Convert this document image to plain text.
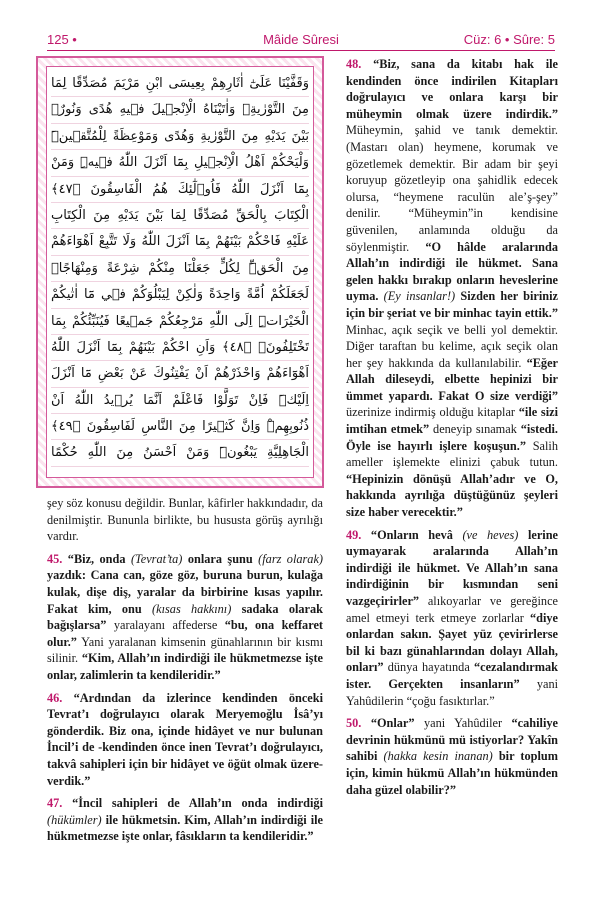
125 •	Mâide Sûresi	Cüz: 6 • Sûre: 5
وَقَفَّيْنَا عَلَىٰٓ اٰثَارِهِمْ بِعِيسَى ابْنِ مَرْيَمَ مُصَدِّقًا لِمَا
مِنَ التَّوْرٰيةِۖ وَاٰتَيْنَاهُ الْاِنْجٖيلَ فٖيهِ هُدًى وَنُورٌۙ
بَيْنَ يَدَيْهِ مِنَ التَّوْرٰيةِ وَهُدًى وَمَوْعِظَةً لِلْمُتَّقٖينَۜ
وَلْيَحْكُمْ اَهْلُ الْاِنْجٖيلِ بِمَٓا اَنْزَلَ اللّٰهُ فٖيهِۜ وَمَنْ
بِمَٓا اَنْزَلَ اللّٰهُ فَاُو۬لٰٓئِكَ هُمُ الْفَاسِقُونَ ﴿٤٧﴾
الْكِتَابَ بِالْحَقِّ مُصَدِّقًا لِمَا بَيْنَ يَدَيْهِ مِنَ الْكِتَابِ
عَلَيْهِ فَاحْكُمْ بَيْنَهُمْ بِمَٓا اَنْزَلَ اللّٰهُ وَلَا تَتَّبِعْ اَهْوَٓاءَهُمْ
مِنَ الْحَقِّۜ لِكُلٍّ جَعَلْنَا مِنْكُمْ شِرْعَةً وَمِنْهَاجًاۜ
لَجَعَلَكُمْ اُمَّةً وَاحِدَةً وَلٰكِنْ لِيَبْلُوَكُمْ فٖي مَٓا اٰتٰيكُمْ
الْخَيْرَاتِۜ اِلَى اللّٰهِ مَرْجِعُكُمْ جَمٖيعًا فَيُنَبِّئُكُمْ بِمَا
تَخْتَلِفُونَۙ ﴿٤٨﴾ وَاَنِ احْكُمْ بَيْنَهُمْ بِمَٓا اَنْزَلَ اللّٰهُ
اَهْوَٓاءَهُمْ وَاحْذَرْهُمْ اَنْ يَفْتِنُوكَ عَنْ بَعْضِ مَٓا اَنْزَلَ
اِلَيْكَۜ فَاِنْ تَوَلَّوْا فَاعْلَمْ اَنَّمَا يُرٖيدُ اللّٰهُ اَنْ
ذُنُوبِهِمْۜ وَاِنَّ كَثٖيرًا مِنَ النَّاسِ لَفَاسِقُونَ ﴿٤٩﴾
الْجَاهِلِيَّةِ يَبْغُونَۜ وَمَنْ اَحْسَنُ مِنَ اللّٰهِ حُكْمًا

şey söz konusu değildir. Bunlar, kâfirler hakkındadır, da denilmiştir. Bununla birlikte, bu hususta görüş ayrılığı vardır.

45. “Biz, onda (Tevrat’ta) onlara şunu (farz olarak) yazdık: Cana can, göze göz, buruna burun, kulağa kulak, dişe diş, yaralar da birbirine kısas yapılır. Fakat kim, onu (kısas hakkını) sadaka olarak bağışlarsa” yaralayanı affedersе “bu, ona keffaret olur.” Yani yaralanan kimsenin günahlarının bir kısmı silinir. “Kim, Allah’ın indirdiği ile hükmetmezse işte onlar, zalimlerin ta kendileridir.”

46. “Ardından da izlerince kendinden önceki Tevrat’ı doğrulayıcı olarak Meryemoğlu İsâ’yı gönderdik. Biz ona, içinde hidâyet ve nur bulunan İncil’i de -kendinden önce inen Tevrat’ı doğrulayıcı, takvâ sahipleri için bir hidâyet ve öğüt olmak üzere- verdik.”

47. “İncil sahipleri de Allah’ın onda indirdiği (hükümler) ile hükmetsin. Kim, Allah’ın indirdiği ile hükmetmezse işte onlar, fâsıkların ta kendileridir.”

48. “Biz, sana da kitabı hak ile kendinden önce indirilen Kitapları doğrulayıcı ve onlara karşı bir müheymin olmak üzere indirdik.” Müheymin, şahid ve tanık demektir. (Mastarı olan) heymene, korumak ve gözetlemek demektir. Bir adam bir şeyi koruyup gözetleyip ona şahidlik edecek olursa, “heymene raculün ale’ş-şey” denilir. “Müheymin”in kendisine güvenilen, anlamında olduğu da söylenmiştir. “O hâlde aralarında Allah’ın indirdiği ile hükmet. Sana gelen hakkı bırakıp onların heveslerine uyma. (Ey insanlar!) Sizden her biriniz için bir şeriat ve bir minhac tayin ettik.” Minhac, açık seçik ve belli yol demektir. Diğer taraftan bu kelime, açık seçik olan her şey hakkında da kullanılabilir. “Eğer Allah dileseydi, elbette hepinizi bir ümmet yapardı. Fakat O size verdiği” üzerinize indirmiş olduğu kitaplar “ile sizi imtihan etmek” deneyip sınamak “istedi. Öyle ise hayırlı işlere koşuşun.” Salih ameller işlemekte elinizi çabuk tutun. “Hepinizin dönüşü Allah’adır ve O, hakkında ayrılığa düştüğünüz şeyleri size haber verecektir.”

49. “Onların hevâ (ve heves) lerine uymayarak aralarında Allah’ın indirdiği ile hükmet. Ve Allah’ın sana indirdiğinin bir kısmından seni vazgeçirirler” alıkoyarlar ve gereğince amel etmeyi terk etmeye zorlarlar “diye onlardan sakın. Şayet yüz çevirirlerse bil ki bazı günahlarından dolayı Allah, onları” dünya hayatında “cezalandırmak ister. Gerçekten insanların” yani Yahûdilerin “çoğu fasıktırlar.”

50. “Onlar” yani Yahûdiler “cahiliye devrinin hükmünü mü istiyorlar? Yakîn sahibi (hakka kesin inanan) bir toplum için, kimin hükmü Allah’ın hükmünden daha güzel olabilir?”
